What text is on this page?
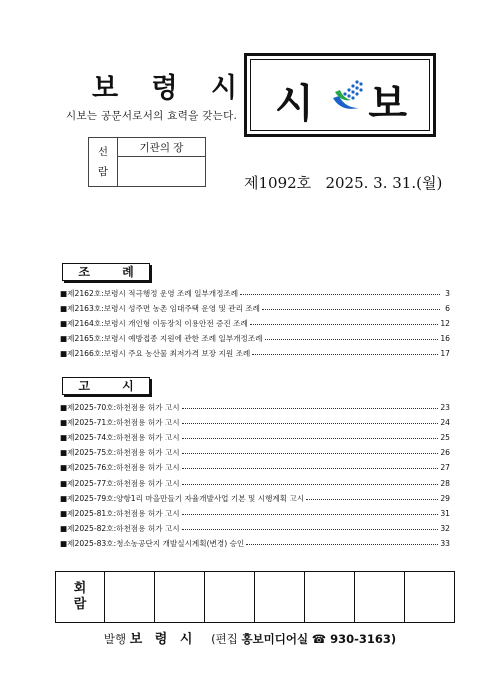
보 령 시
시보는 공문서로서의 효력을 갖는다. 시 보
선
람	기관의 장

제1092호 2025. 3. 31.(월)
조 례
■제2162호:보령시 적극행정 운영 조례 일부개정조례	3
■제2163호:보령시 성주면 농촌 임대주택 운영 및 관리 조례	6
■제2164호:보령시 개인형 이동장치 이용안전 증진 조례	12
■제2165호:보령시 예방접종 지원에 관한 조례 일부개정조례	16
■제2166호:보령시 주요 농산물 최저가격 보장 지원 조례	17
고 시
■제2025-70호:하천점용 허가 고시	23
■제2025-71호:하천점용 허가 고시	24
■제2025-74호:하천점용 허가 고시	25
■제2025-75호:하천점용 허가 고시	26
■제2025-76호:하천점용 허가 고시	27
■제2025-77호:하천점용 허가 고시	28
■제2025-79호:양항1리 마을만들기 자율개발사업 기본 및 시행계획 고시	29
■제2025-81호:하천점용 허가 고시	31
■제2025-82호:하천점용 허가 고시	32
■제2025-83호:청소농공단지 개발실시계획(변경) 승인	33
회
람							
발행 보 령 시 (편집 홍보미디어실 ☎ 930-3163)
